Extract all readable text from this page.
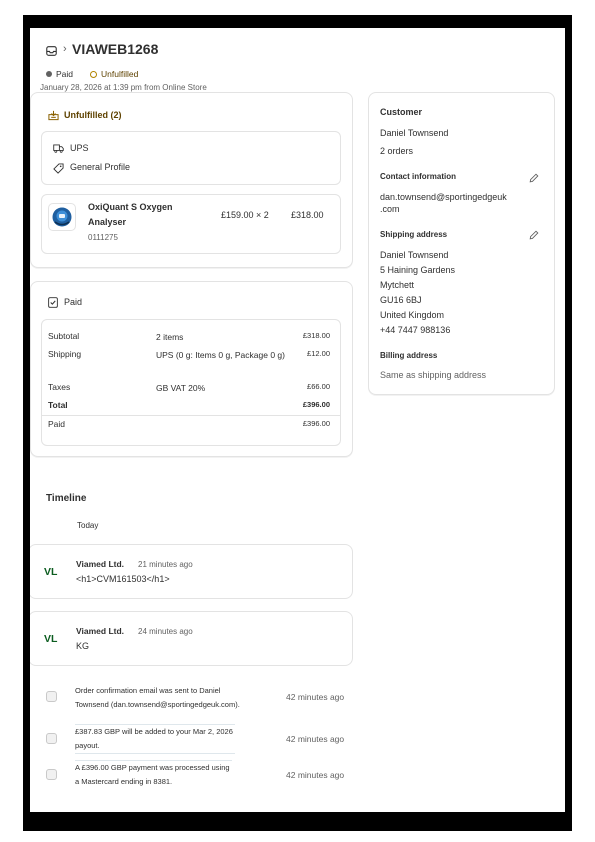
› VIAWEB1268
Paid	Unfulfilled
January 28, 2026 at 1:39 pm from Online Store
Unfulfilled (2)
UPS
General Profile
OxiQuant S Oxygen
Analyser
0111275
£159.00 × 2 £318.00
Paid
Subtotal	2 items	£318.00
Shipping	UPS (0 g: Items 0 g, Package 0 g)	£12.00
Taxes	GB VAT 20%	£66.00
Total	£396.00
Paid	£396.00
Customer
Daniel Townsend
2 orders
Contact information
dan.townsend@sportingedgeuk
.com
Shipping address
Daniel Townsend
5 Haining Gardens
Mytchett
GU16 6BJ
United Kingdom
+44 7447 988136
Billing address
Same as shipping address
Timeline
Today
VL
Viamed Ltd. 21 minutes ago
<h1>CVM161503</h1>
VL
Viamed Ltd. 24 minutes ago
KG
Order confirmation email was sent to Daniel
Townsend (dan.townsend@sportingedgeuk.com).
42 minutes ago
£387.83 GBP will be added to your Mar 2, 2026
payout.
42 minutes ago
A £396.00 GBP payment was processed using
a Mastercard ending in 8381.
42 minutes ago
